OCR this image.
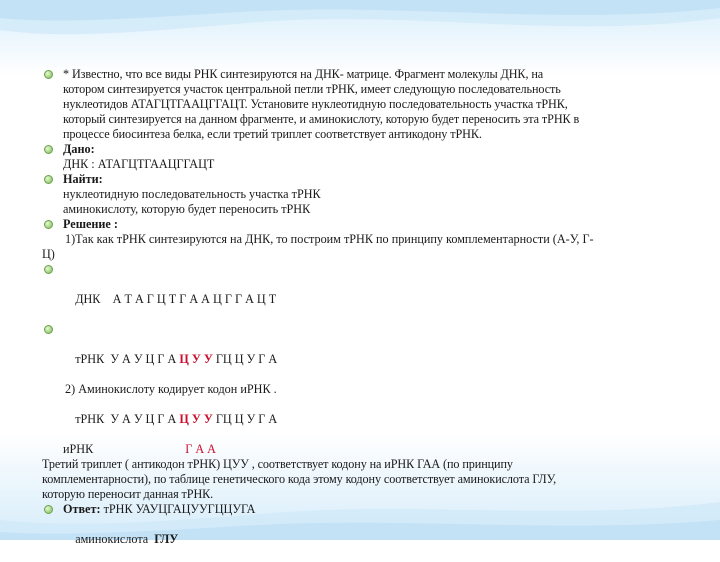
* Известно, что все виды РНК синтезируются на ДНК- матрице. Фрагмент молекулы ДНК, на
котором синтезируется участок центральной петли тРНК, имеет следующую последовательность
нуклеотидов АТАГЦТГААЦГГАЦТ. Установите нуклеотидную последовательность участка тРНК,
который синтезируется на данном фрагменте, и аминокислоту, которую будет переносить эта тРНК в
процессе биосинтеза белка, если третий триплет соответствует антикодону тРНК.
Дано:
ДНК : АТАГЦТГААЦГГАЦТ
Найти:
нуклеотидную последовательность участка тРНК
аминокислоту, которую будет переносить тРНК
Решение :
1)Так как тРНК синтезируются на ДНК, то построим тРНК по принципу комплементарности (А-У, Г-
Ц)

ДНК    А Т А Г Ц Т Г А А Ц Г Г А Ц Т

тРНК  У А У Ц Г А Ц У У ГЦ Ц У Г А

2) Аминокислоту кодирует кодон иРНК .

тРНК  У А У Ц Г А Ц У У ГЦ Ц У Г А

иРНК	Г А А
Третий триплет ( антикодон тРНК) ЦУУ , соответствует кодону на иРНК ГАА (по принципу
комплементарности), по таблице генетического кода этому кодону соответствует аминокислота ГЛУ,
которую переносит данная тРНК.
Ответ: тРНК УАУЦГАЦУУГЦЦУГА

аминокислота  ГЛУ
